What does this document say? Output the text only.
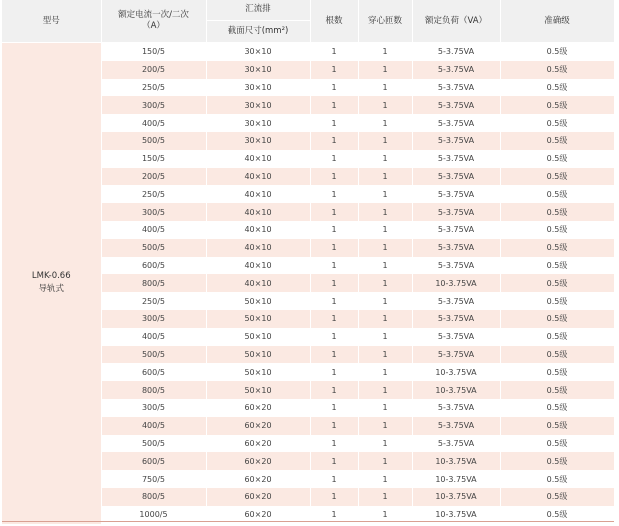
型号	额定电流一次/二次（A）	汇流排	根数	穿心匝数	额定负荷（VA）	准确级
		截面尺寸(mm²)				

LMK-0.66
导轨式	150/5	30×10	1	1	5-3.75VA	0.5级
	200/5	30×10	1	1	5-3.75VA	0.5级
	250/5	30×10	1	1	5-3.75VA	0.5级
	300/5	30×10	1	1	5-3.75VA	0.5级
	400/5	30×10	1	1	5-3.75VA	0.5级
	500/5	30×10	1	1	5-3.75VA	0.5级
	150/5	40×10	1	1	5-3.75VA	0.5级
	200/5	40×10	1	1	5-3.75VA	0.5级
	250/5	40×10	1	1	5-3.75VA	0.5级
	300/5	40×10	1	1	5-3.75VA	0.5级
	400/5	40×10	1	1	5-3.75VA	0.5级
	500/5	40×10	1	1	5-3.75VA	0.5级
	600/5	40×10	1	1	5-3.75VA	0.5级
	800/5	40×10	1	1	10-3.75VA	0.5级
	250/5	50×10	1	1	5-3.75VA	0.5级
	300/5	50×10	1	1	5-3.75VA	0.5级
	400/5	50×10	1	1	5-3.75VA	0.5级
	500/5	50×10	1	1	5-3.75VA	0.5级
	600/5	50×10	1	1	10-3.75VA	0.5级
	800/5	50×10	1	1	10-3.75VA	0.5级
	300/5	60×20	1	1	5-3.75VA	0.5级
	400/5	60×20	1	1	5-3.75VA	0.5级
	500/5	60×20	1	1	5-3.75VA	0.5级
	600/5	60×20	1	1	10-3.75VA	0.5级
	750/5	60×20	1	1	10-3.75VA	0.5级
	800/5	60×20	1	1	10-3.75VA	0.5级
	1000/5	60×20	1	1	10-3.75VA	0.5级
